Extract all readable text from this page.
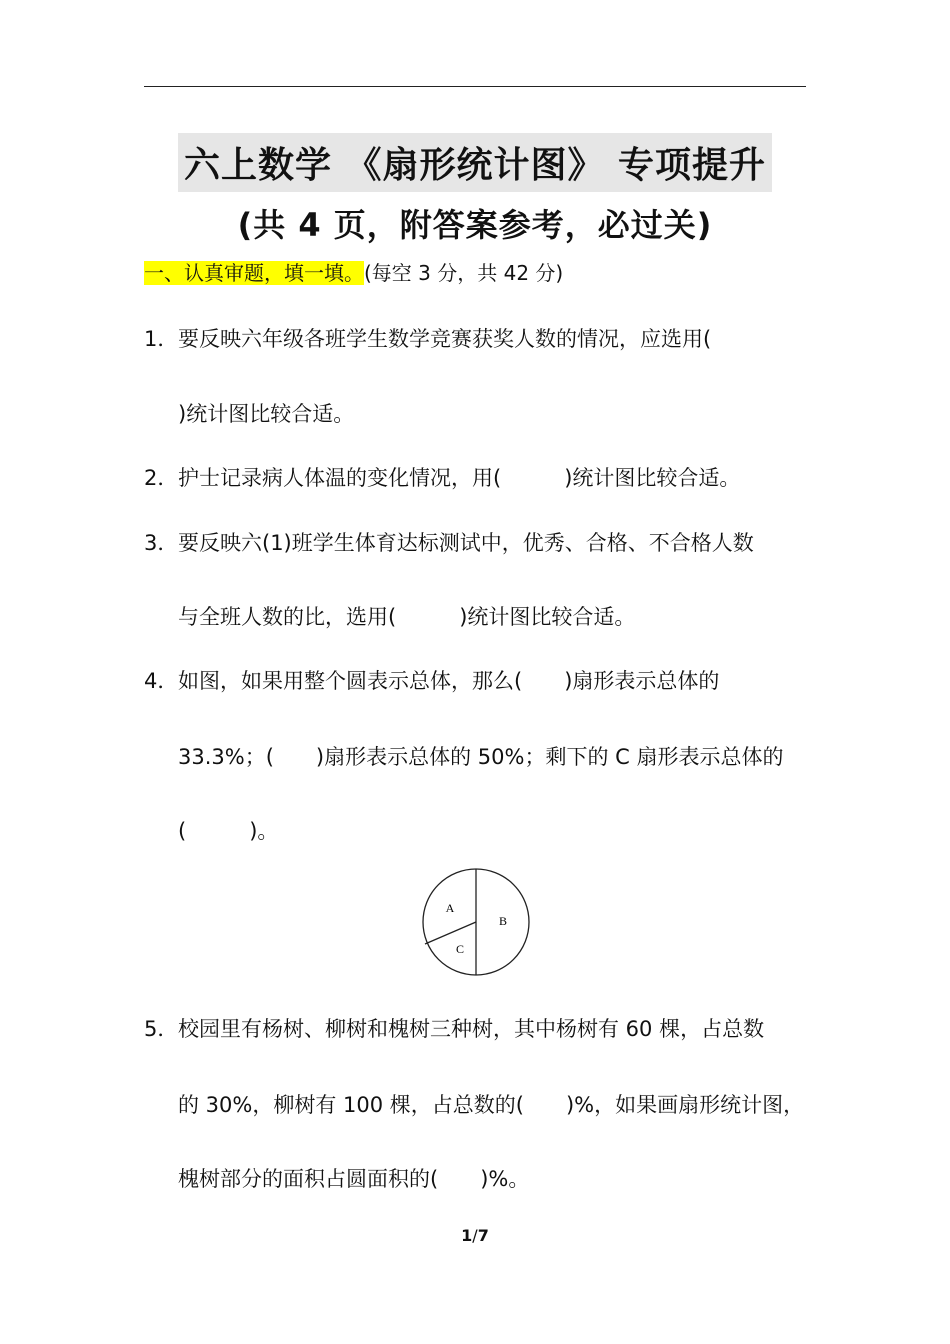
六上数学 《扇形统计图》 专项提升
(共 4 页，附答案参考，必过关)
一、认真审题，填一填。(每空 3 分，共 42 分)
1．要反映六年级各班学生数学竞赛获奖人数的情况，应选用(
)统计图比较合适。
2．护士记录病人体温的变化情况，用(　　　)统计图比较合适。
3．要反映六(1)班学生体育达标测试中，优秀、合格、不合格人数
与全班人数的比，选用(　　　)统计图比较合适。
4．如图，如果用整个圆表示总体，那么(　　)扇形表示总体的
33.3%；(　　)扇形表示总体的 50%；剩下的 C 扇形表示总体的
(　　　)。
A
B
C
5．校园里有杨树、柳树和槐树三种树，其中杨树有 60 棵，占总数
的 30%，柳树有 100 棵，占总数的(　　)%，如果画扇形统计图，
槐树部分的面积占圆面积的(　　)%。
1/7
